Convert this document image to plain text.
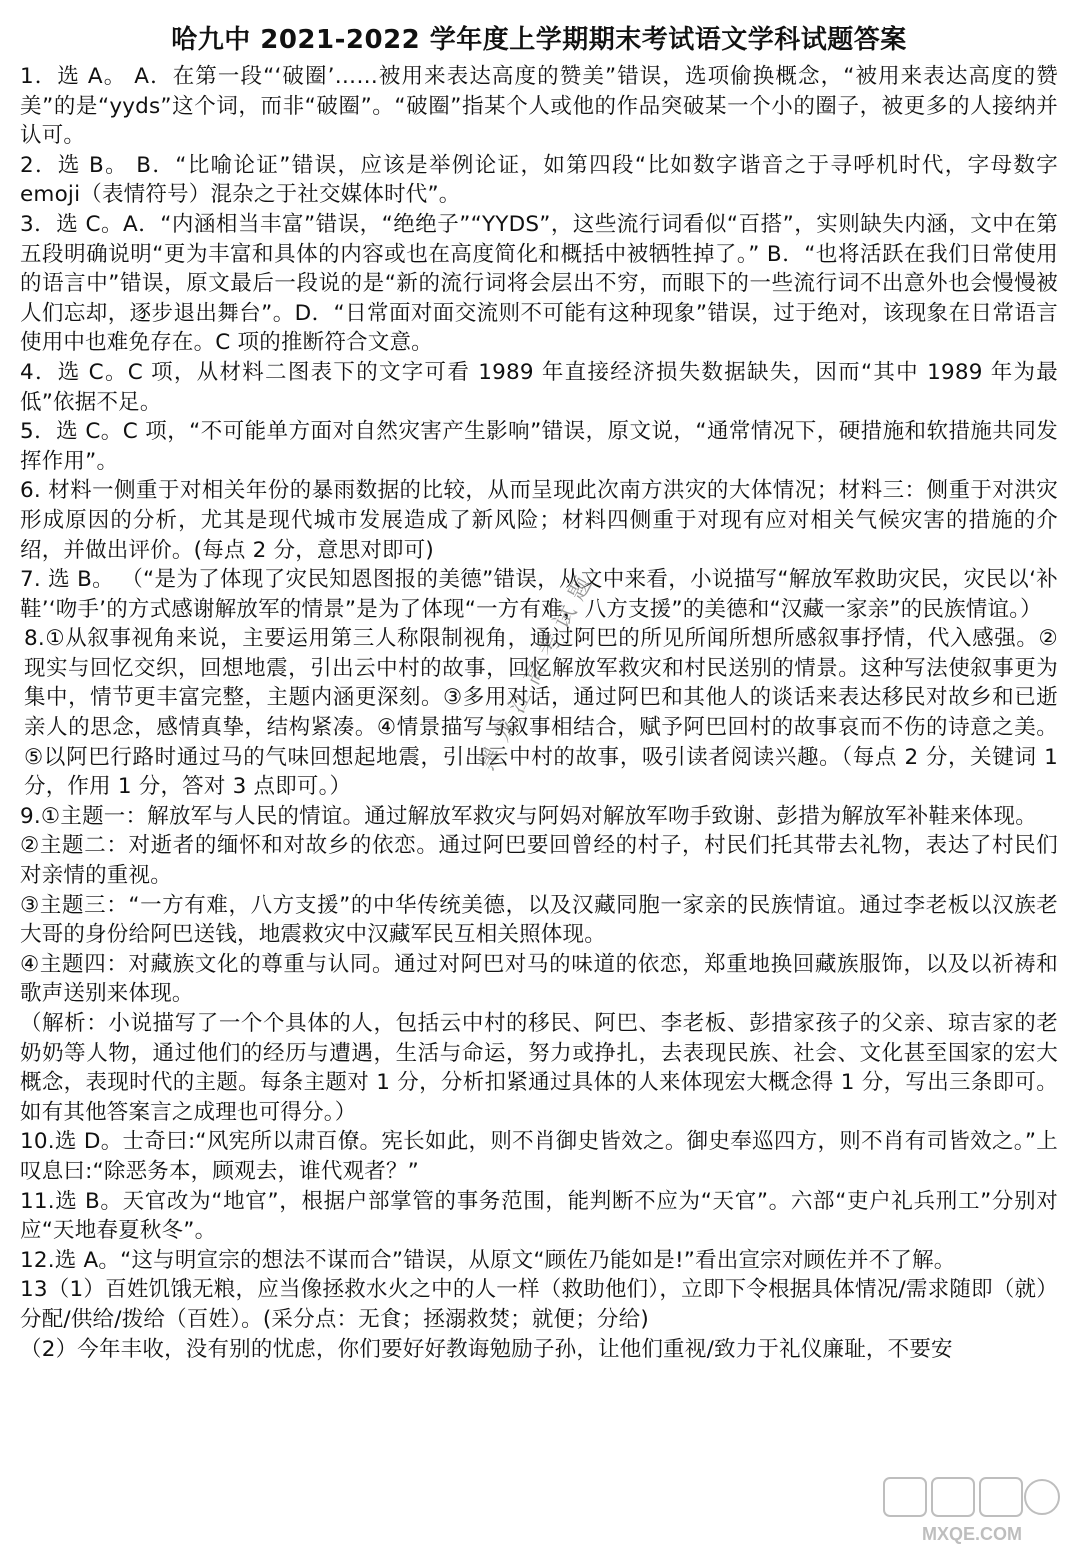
哈九中 2021-2022 学年度上学期期末考试语文学科试题答案

1．选 A。 A．在第一段“‘破圈’……被用来表达高度的赞美”错误，选项偷换概念，“被用来表达高度的赞美”的是“yyds”这个词，而非“破圈”。“破圈”指某个人或他的作品突破某一个小的圈子，被更多的人接纳并认可。

2．选 B。 B．“比喻论证”错误，应该是举例论证，如第四段“比如数字谐音之于寻呼机时代，字母数字 emoji（表情符号）混杂之于社交媒体时代”。

3．选 C。A．“内涵相当丰富”错误，“绝绝子”“YYDS”，这些流行词看似“百搭”，实则缺失内涵，文中在第五段明确说明“更为丰富和具体的内容或也在高度简化和概括中被牺牲掉了。” B．“也将活跃在我们日常使用的语言中”错误，原文最后一段说的是“新的流行词将会层出不穷，而眼下的一些流行词不出意外也会慢慢被人们忘却，逐步退出舞台”。D．“日常面对面交流则不可能有这种现象”错误，过于绝对，该现象在日常语言使用中也难免存在。C 项的推断符合文意。

4．选 C。C 项，从材料二图表下的文字可看 1989 年直接经济损失数据缺失，因而“其中 1989 年为最低”依据不足。

5．选 C。C 项，“不可能单方面对自然灾害产生影响”错误，原文说，“通常情况下，硬措施和软措施共同发挥作用”。

6. 材料一侧重于对相关年份的暴雨数据的比较，从而呈现此次南方洪灾的大体情况；材料三：侧重于对洪灾形成原因的分析，尤其是现代城市发展造成了新风险；材料四侧重于对现有应对相关气候灾害的措施的介绍，并做出评价。(每点 2 分，意思对即可)

7. 选 B。 （“是为了体现了灾民知恩图报的美德”错误，从文中来看，小说描写“解放军救助灾民，灾民以‘补鞋’‘吻手’的方式感谢解放军的情景”是为了体现“一方有难，八方支援”的美德和“汉藏一家亲”的民族情谊。）

8.①从叙事视角来说，主要运用第三人称限制视角，通过阿巴的所见所闻所想所感叙事抒情，代入感强。②现实与回忆交织，回想地震，引出云中村的故事，回忆解放军救灾和村民送别的情景。这种写法使叙事更为集中，情节更丰富完整，主题内涵更深刻。③多用对话，通过阿巴和其他人的谈话来表达移民对故乡和已逝亲人的思念，感情真挚，结构紧凑。④情景描写与叙事相结合，赋予阿巴回村的故事哀而不伤的诗意之美。⑤以阿巴行路时通过马的气味回想起地震，引出云中村的故事，吸引读者阅读兴趣。（每点 2 分，关键词 1 分，作用 1 分，答对 3 点即可。）

9.①主题一：解放军与人民的情谊。通过解放军救灾与阿妈对解放军吻手致谢、彭措为解放军补鞋来体现。

②主题二：对逝者的缅怀和对故乡的依恋。通过阿巴要回曾经的村子，村民们托其带去礼物，表达了村民们对亲情的重视。

③主题三：“一方有难，八方支援”的中华传统美德，以及汉藏同胞一家亲的民族情谊。通过李老板以汉族老大哥的身份给阿巴送钱，地震救灾中汉藏军民互相关照体现。

④主题四：对藏族文化的尊重与认同。通过对阿巴对马的味道的依恋，郑重地换回藏族服饰，以及以祈祷和歌声送别来体现。

（解析：小说描写了一个个具体的人，包括云中村的移民、阿巴、李老板、彭措家孩子的父亲、琼吉家的老奶奶等人物，通过他们的经历与遭遇，生活与命运，努力或挣扎，去表现民族、社会、文化甚至国家的宏大概念，表现时代的主题。每条主题对 1 分，分析扣紧通过具体的人来体现宏大概念得 1 分，写出三条即可。如有其他答案言之成理也可得分。）

10.选 D。士奇曰:“风宪所以肃百僚。宪长如此，则不肖御史皆效之。御史奉巡四方，则不肖有司皆效之。”上叹息曰:“除恶务本，顾观去，谁代观者？”

11.选 B。天官改为“地官”，根据户部掌管的事务范围，能判断不应为“天官”。六部“吏户礼兵刑工”分别对应“天地春夏秋冬”。

12.选 A。“这与明宣宗的想法不谋而合”错误，从原文“顾佐乃能如是!”看出宣宗对顾佐并不了解。

13（1）百姓饥饿无粮，应当像拯救水火之中的人一样（救助他们），立即下令根据具体情况/需求随即（就）分配/供给/拨给（百姓）。(采分点：无食；拯溺救焚；就便；分给)

（2）今年丰收，没有别的忧虑，你们要好好教诲勉励子孙，让他们重视/致力于礼仪廉耻，不要安

黑龙江高考试题
MXQE.COM
